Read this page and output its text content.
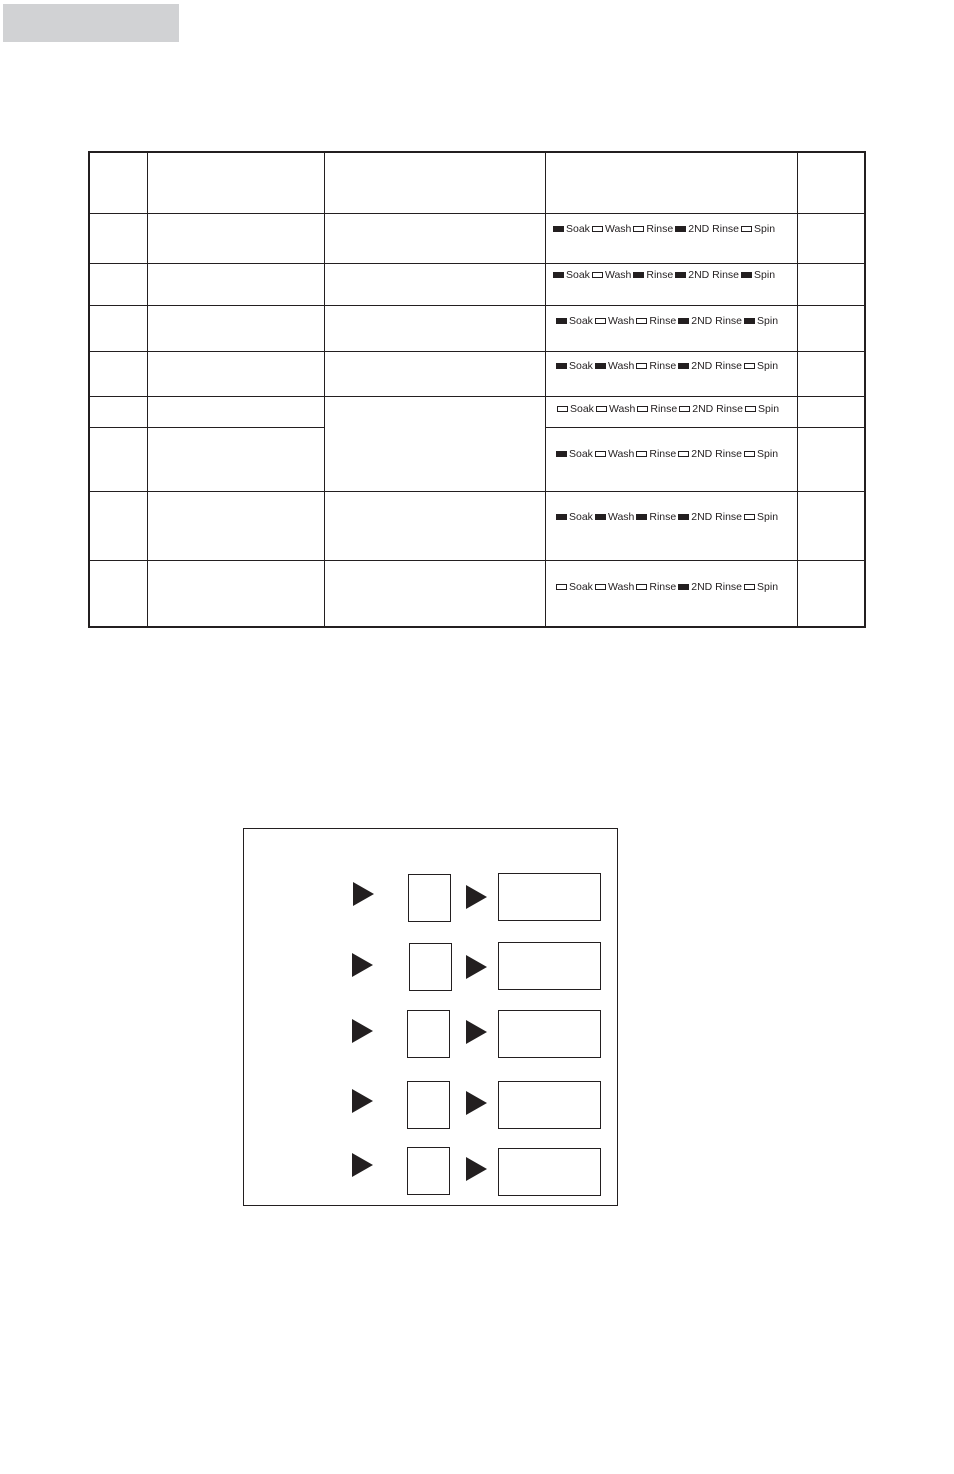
Soak Wash Rinse 2ND Rinse Spin
Soak Wash Rinse 2ND Rinse Spin
Soak Wash Rinse 2ND Rinse Spin
Soak Wash Rinse 2ND Rinse Spin
Soak Wash Rinse 2ND Rinse Spin
Soak Wash Rinse 2ND Rinse Spin
Soak Wash Rinse 2ND Rinse Spin
Soak Wash Rinse 2ND Rinse Spin
